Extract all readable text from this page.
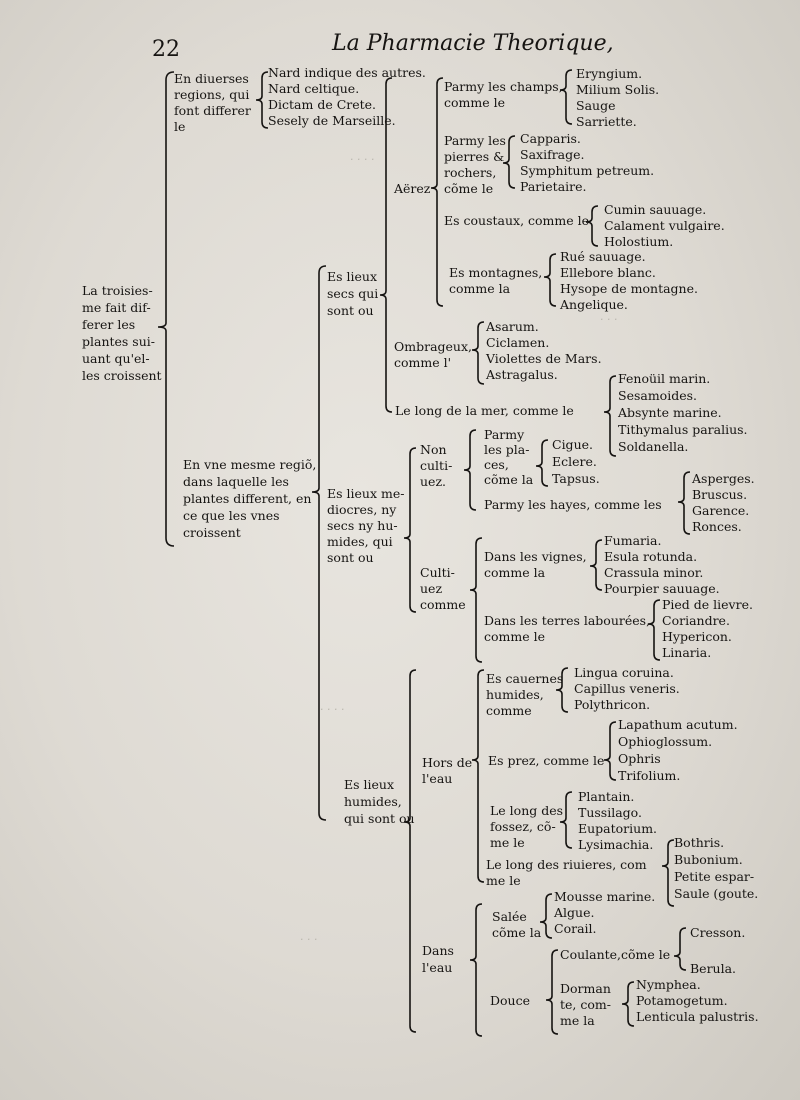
22	La Pharmacie Theorique,
. . . .
. . .
. . . .
. . .
La troisies-
me fait dif-
ferer les
plantes sui-
uant qu'el-
les croissent
En diuerses
regions, qui
font differer
le
Nard indique des autres.
Nard celtique.
Dictam de Crete.
Sesely de Marseille.
En vne mesme regiõ,
dans laquelle les
plantes different, en
ce que les vnes
croissent
Es lieux
secs qui
sont ou
Aërez
Parmy les champs,
comme le
Eryngium.
Milium Solis.
Sauge
Sarriette.
Parmy les
pierres &
rochers,
cõme le
Capparis.
Saxifrage.
Symphitum petreum.
Parietaire.
Es coustaux, comme le
Cumin sauuage.
Calament vulgaire.
Holostium.
Es montagnes,
comme la
Rué sauuage.
Ellebore blanc.
Hysope de montagne.
Angelique.
Ombrageux,
comme l'
Asarum.
Ciclamen.
Violettes de Mars.
Astragalus.
Le long de la mer, comme le
Fenoüil marin.
Sesamoides.
Absynte marine.
Tithymalus paralius.
Soldanella.
Es lieux me-
diocres, ny
secs ny hu-
mides, qui
sont ou
Non
culti-
uez.
Parmy
les pla-
ces,
cõme la
Cigue.
Eclere.
Tapsus.
Parmy les hayes, comme les
Asperges.
Bruscus.
Garence.
Ronces.
Culti-
uez
comme
Dans les vignes,
comme la
Fumaria.
Esula rotunda.
Crassula minor.
Pourpier sauuage.
Dans les terres labourées,
comme le
Pied de lievre.
Coriandre.
Hypericon.
Linaria.
Es lieux
humides,
qui sont ou
Hors de
l'eau
Es cauernes
humides,
comme
Lingua coruina.
Capillus veneris.
Polythricon.
Es prez, comme le
Lapathum acutum.
Ophioglossum.
Ophris
Trifolium.
Le long des
fossez, cõ-
me le
Plantain.
Tussilago.
Eupatorium.
Lysimachia.
Le long des riuieres, com
me le
Bothris.
Bubonium.
Petite espar-
Saule (goute.
Dans
l'eau
Salée
cõme la
Mousse marine.
Algue.
Corail.
Douce
Coulante,cõme le
Cresson.
Berula.
Dorman
te, com-
me la
Nymphea.
Potamogetum.
Lenticula palustris.
